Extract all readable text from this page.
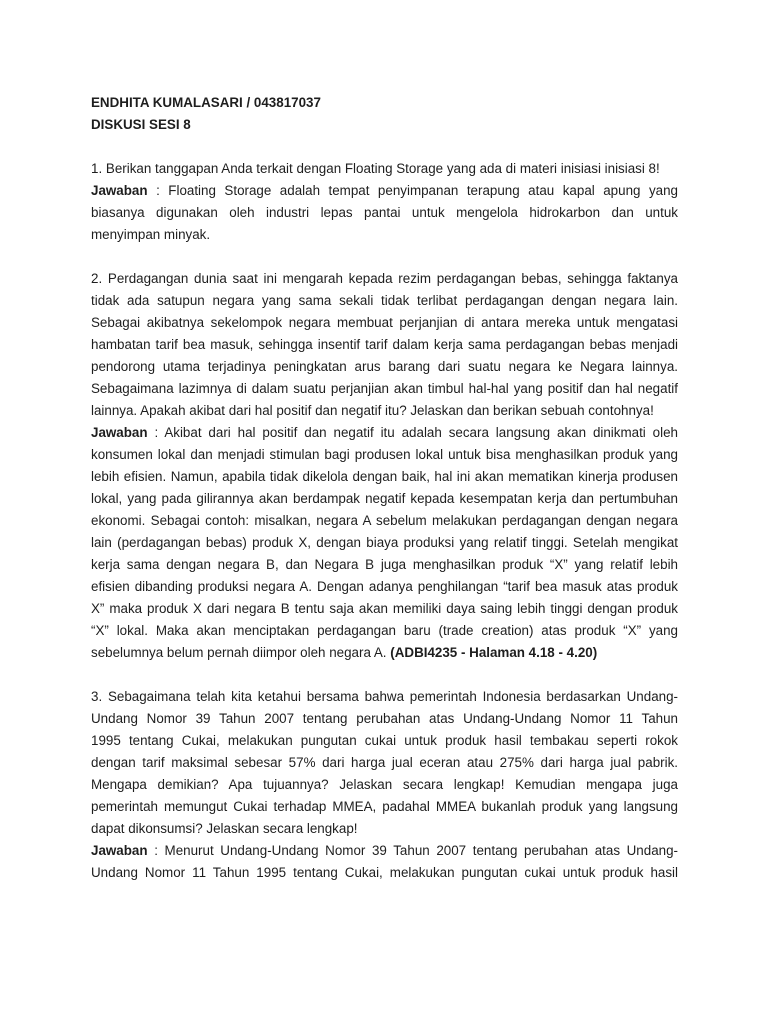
ENDHITA KUMALASARI / 043817037
DISKUSI SESI 8
1. Berikan tanggapan Anda terkait dengan Floating Storage yang ada di materi inisiasi inisiasi 8!
Jawaban : Floating Storage adalah tempat penyimpanan terapung atau kapal apung yang
biasanya digunakan oleh industri lepas pantai untuk mengelola hidrokarbon dan untuk
menyimpan minyak.
2. Perdagangan dunia saat ini mengarah kepada rezim perdagangan bebas, sehingga faktanya
tidak ada satupun negara yang sama sekali tidak terlibat perdagangan dengan negara lain.
Sebagai akibatnya sekelompok negara membuat perjanjian di antara mereka untuk mengatasi
hambatan tarif bea masuk, sehingga insentif tarif dalam kerja sama perdagangan bebas menjadi
pendorong utama terjadinya peningkatan arus barang dari suatu negara ke Negara lainnya.
Sebagaimana lazimnya di dalam suatu perjanjian akan timbul hal-hal yang positif dan hal negatif
lainnya. Apakah akibat dari hal positif dan negatif itu? Jelaskan dan berikan sebuah contohnya!
Jawaban : Akibat dari hal positif dan negatif itu adalah secara langsung akan dinikmati oleh
konsumen lokal dan menjadi stimulan bagi produsen lokal untuk bisa menghasilkan produk yang
lebih efisien. Namun, apabila tidak dikelola dengan baik, hal ini akan mematikan kinerja produsen
lokal, yang pada gilirannya akan berdampak negatif kepada kesempatan kerja dan pertumbuhan
ekonomi. Sebagai contoh: misalkan, negara A sebelum melakukan perdagangan dengan negara
lain (perdagangan bebas) produk X, dengan biaya produksi yang relatif tinggi. Setelah mengikat
kerja sama dengan negara B, dan Negara B juga menghasilkan produk “X” yang relatif lebih
efisien dibanding produksi negara A. Dengan adanya penghilangan “tarif bea masuk atas produk
X” maka produk X dari negara B tentu saja akan memiliki daya saing lebih tinggi dengan produk
“X” lokal. Maka akan menciptakan perdagangan baru (trade creation) atas produk “X” yang
sebelumnya belum pernah diimpor oleh negara A. (ADBI4235 - Halaman 4.18 - 4.20)
3. Sebagaimana telah kita ketahui bersama bahwa pemerintah Indonesia berdasarkan Undang-
Undang Nomor 39 Tahun 2007 tentang perubahan atas Undang-Undang Nomor 11 Tahun
1995 tentang Cukai, melakukan pungutan cukai untuk produk hasil tembakau seperti rokok
dengan tarif maksimal sebesar 57% dari harga jual eceran atau 275% dari harga jual pabrik.
Mengapa demikian? Apa tujuannya? Jelaskan secara lengkap! Kemudian mengapa juga
pemerintah memungut Cukai terhadap MMEA, padahal MMEA bukanlah produk yang langsung
dapat dikonsumsi? Jelaskan secara lengkap!
Jawaban : Menurut Undang-Undang Nomor 39 Tahun 2007 tentang perubahan atas Undang-
Undang Nomor 11 Tahun 1995 tentang Cukai, melakukan pungutan cukai untuk produk hasil
